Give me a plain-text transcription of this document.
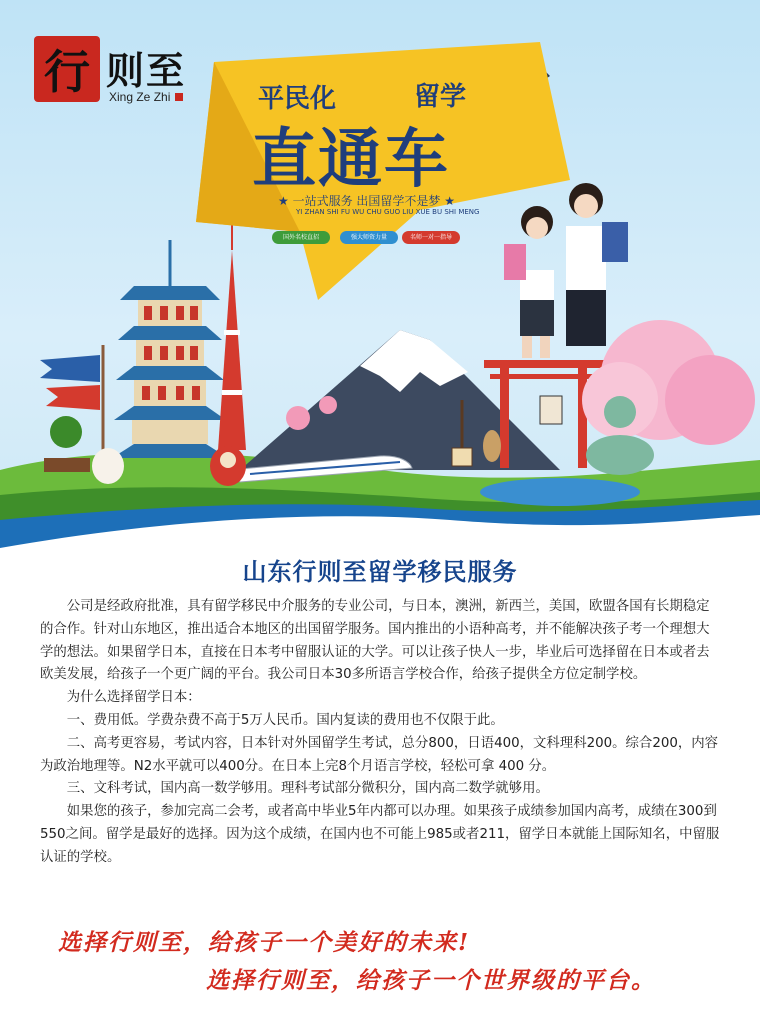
行 则至
Xing Ze Zhi	平民化	留学
直通车
★ 一站式服务 出国留学不是梦 ★
YI ZHAN SHI FU WU CHU GUO LIU XUE BU SHI MENG
国外名校直招	强大师资力量	名师一对一指导
山东行则至留学移民服务

公司是经政府批准，具有留学移民中介服务的专业公司，与日本，澳洲，新西兰，美国，欧盟各国有长期稳定的合作。针对山东地区，推出适合本地区的出国留学服务。国内推出的小语种高考，并不能解决孩子考一个理想大学的想法。如果留学日本，直接在日本考中留服认证的大学。可以让孩子快人一步，毕业后可选择留在日本或者去欧美发展，给孩子一个更广阔的平台。我公司日本30多所语言学校合作，给孩子提供全方位定制学校。

为什么选择留学日本：

一、费用低。学费杂费不高于5万人民币。国内复读的费用也不仅限于此。

二、高考更容易，考试内容，日本针对外国留学生考试，总分800，日语400，文科理科200。综合200，内容为政治地理等。N2水平就可以400分。在日本上完8个月语言学校，轻松可拿 400 分。

三、文科考试，国内高一数学够用。理科考试部分微积分，国内高二数学就够用。

如果您的孩子，参加完高二会考，或者高中毕业5年内都可以办理。如果孩子成绩参加国内高考，成绩在300到550之间。留学是最好的选择。因为这个成绩，在国内也不可能上985或者211，留学日本就能上国际知名，中留服认证的学校。

选择行则至，给孩子一个美好的未来!
选择行则至，给孩子一个世界级的平台。
